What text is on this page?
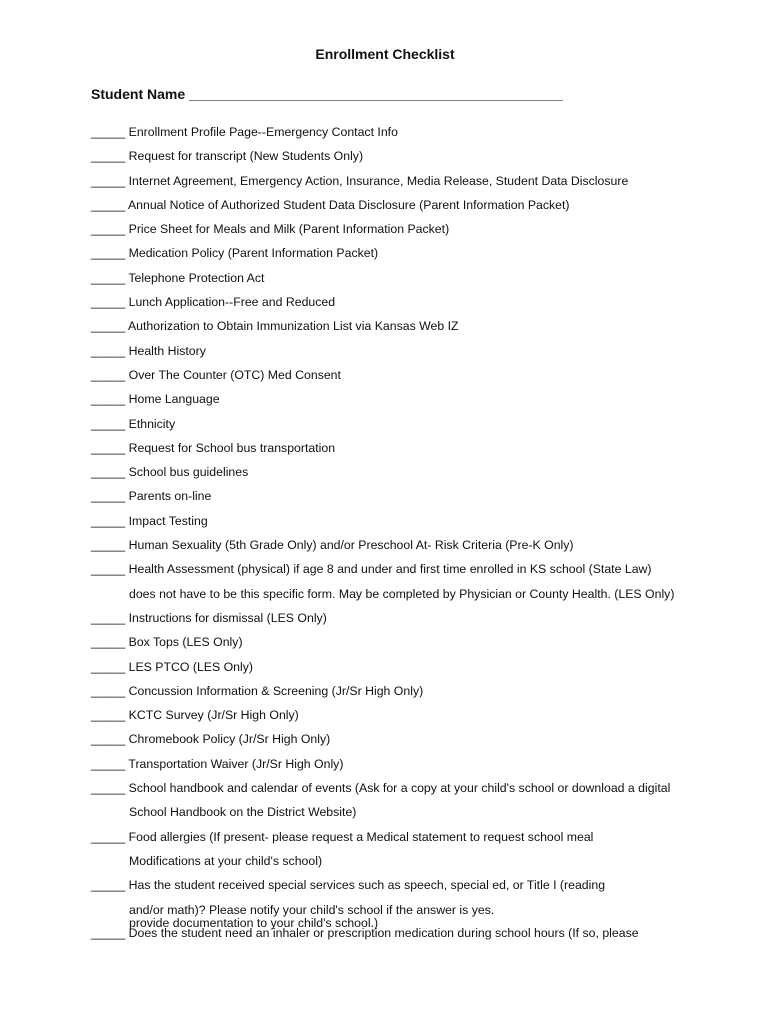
Enrollment Checklist
Student Name ________________________________________________
_____ Enrollment Profile Page--Emergency Contact Info
_____ Request for transcript (New Students Only)
_____ Internet Agreement, Emergency Action, Insurance, Media Release, Student Data Disclosure
_____ Annual Notice of Authorized Student Data Disclosure (Parent Information Packet)
_____ Price Sheet for Meals and Milk (Parent Information Packet)
_____ Medication Policy (Parent Information Packet)
_____ Telephone Protection Act
_____ Lunch Application--Free and Reduced
_____ Authorization to Obtain Immunization List via Kansas Web IZ
_____ Health History
_____ Over The Counter (OTC) Med Consent
_____ Home Language
_____ Ethnicity
_____ Request for School bus transportation
_____ School bus guidelines
_____ Parents on-line
_____ Impact Testing
_____ Human Sexuality (5th Grade Only) and/or Preschool At- Risk Criteria (Pre-K Only)
_____ Health Assessment (physical) if age 8 and under and first time enrolled in KS school (State Law)
does not have to be this specific form. May be completed by Physician or County Health. (LES Only)
_____ Instructions for dismissal (LES Only)
_____ Box Tops (LES Only)
_____ LES PTCO (LES Only)
_____ Concussion Information & Screening (Jr/Sr High Only)
_____ KCTC Survey (Jr/Sr High Only)
_____ Chromebook Policy (Jr/Sr High Only)
_____ Transportation Waiver (Jr/Sr High Only)
_____ School handbook and calendar of events (Ask for a copy at your child's school or download a digital
School Handbook on the District Website)
_____ Food allergies (If present- please request a Medical statement to request school meal
Modifications at your child's school)
_____ Has the student received special services such as speech, special ed, or Title I (reading
and/or math)? Please notify your child's school if the answer is yes.
provide documentation to your child's school.)
_____ Does the student need an inhaler or prescription medication during school hours (If so, please
